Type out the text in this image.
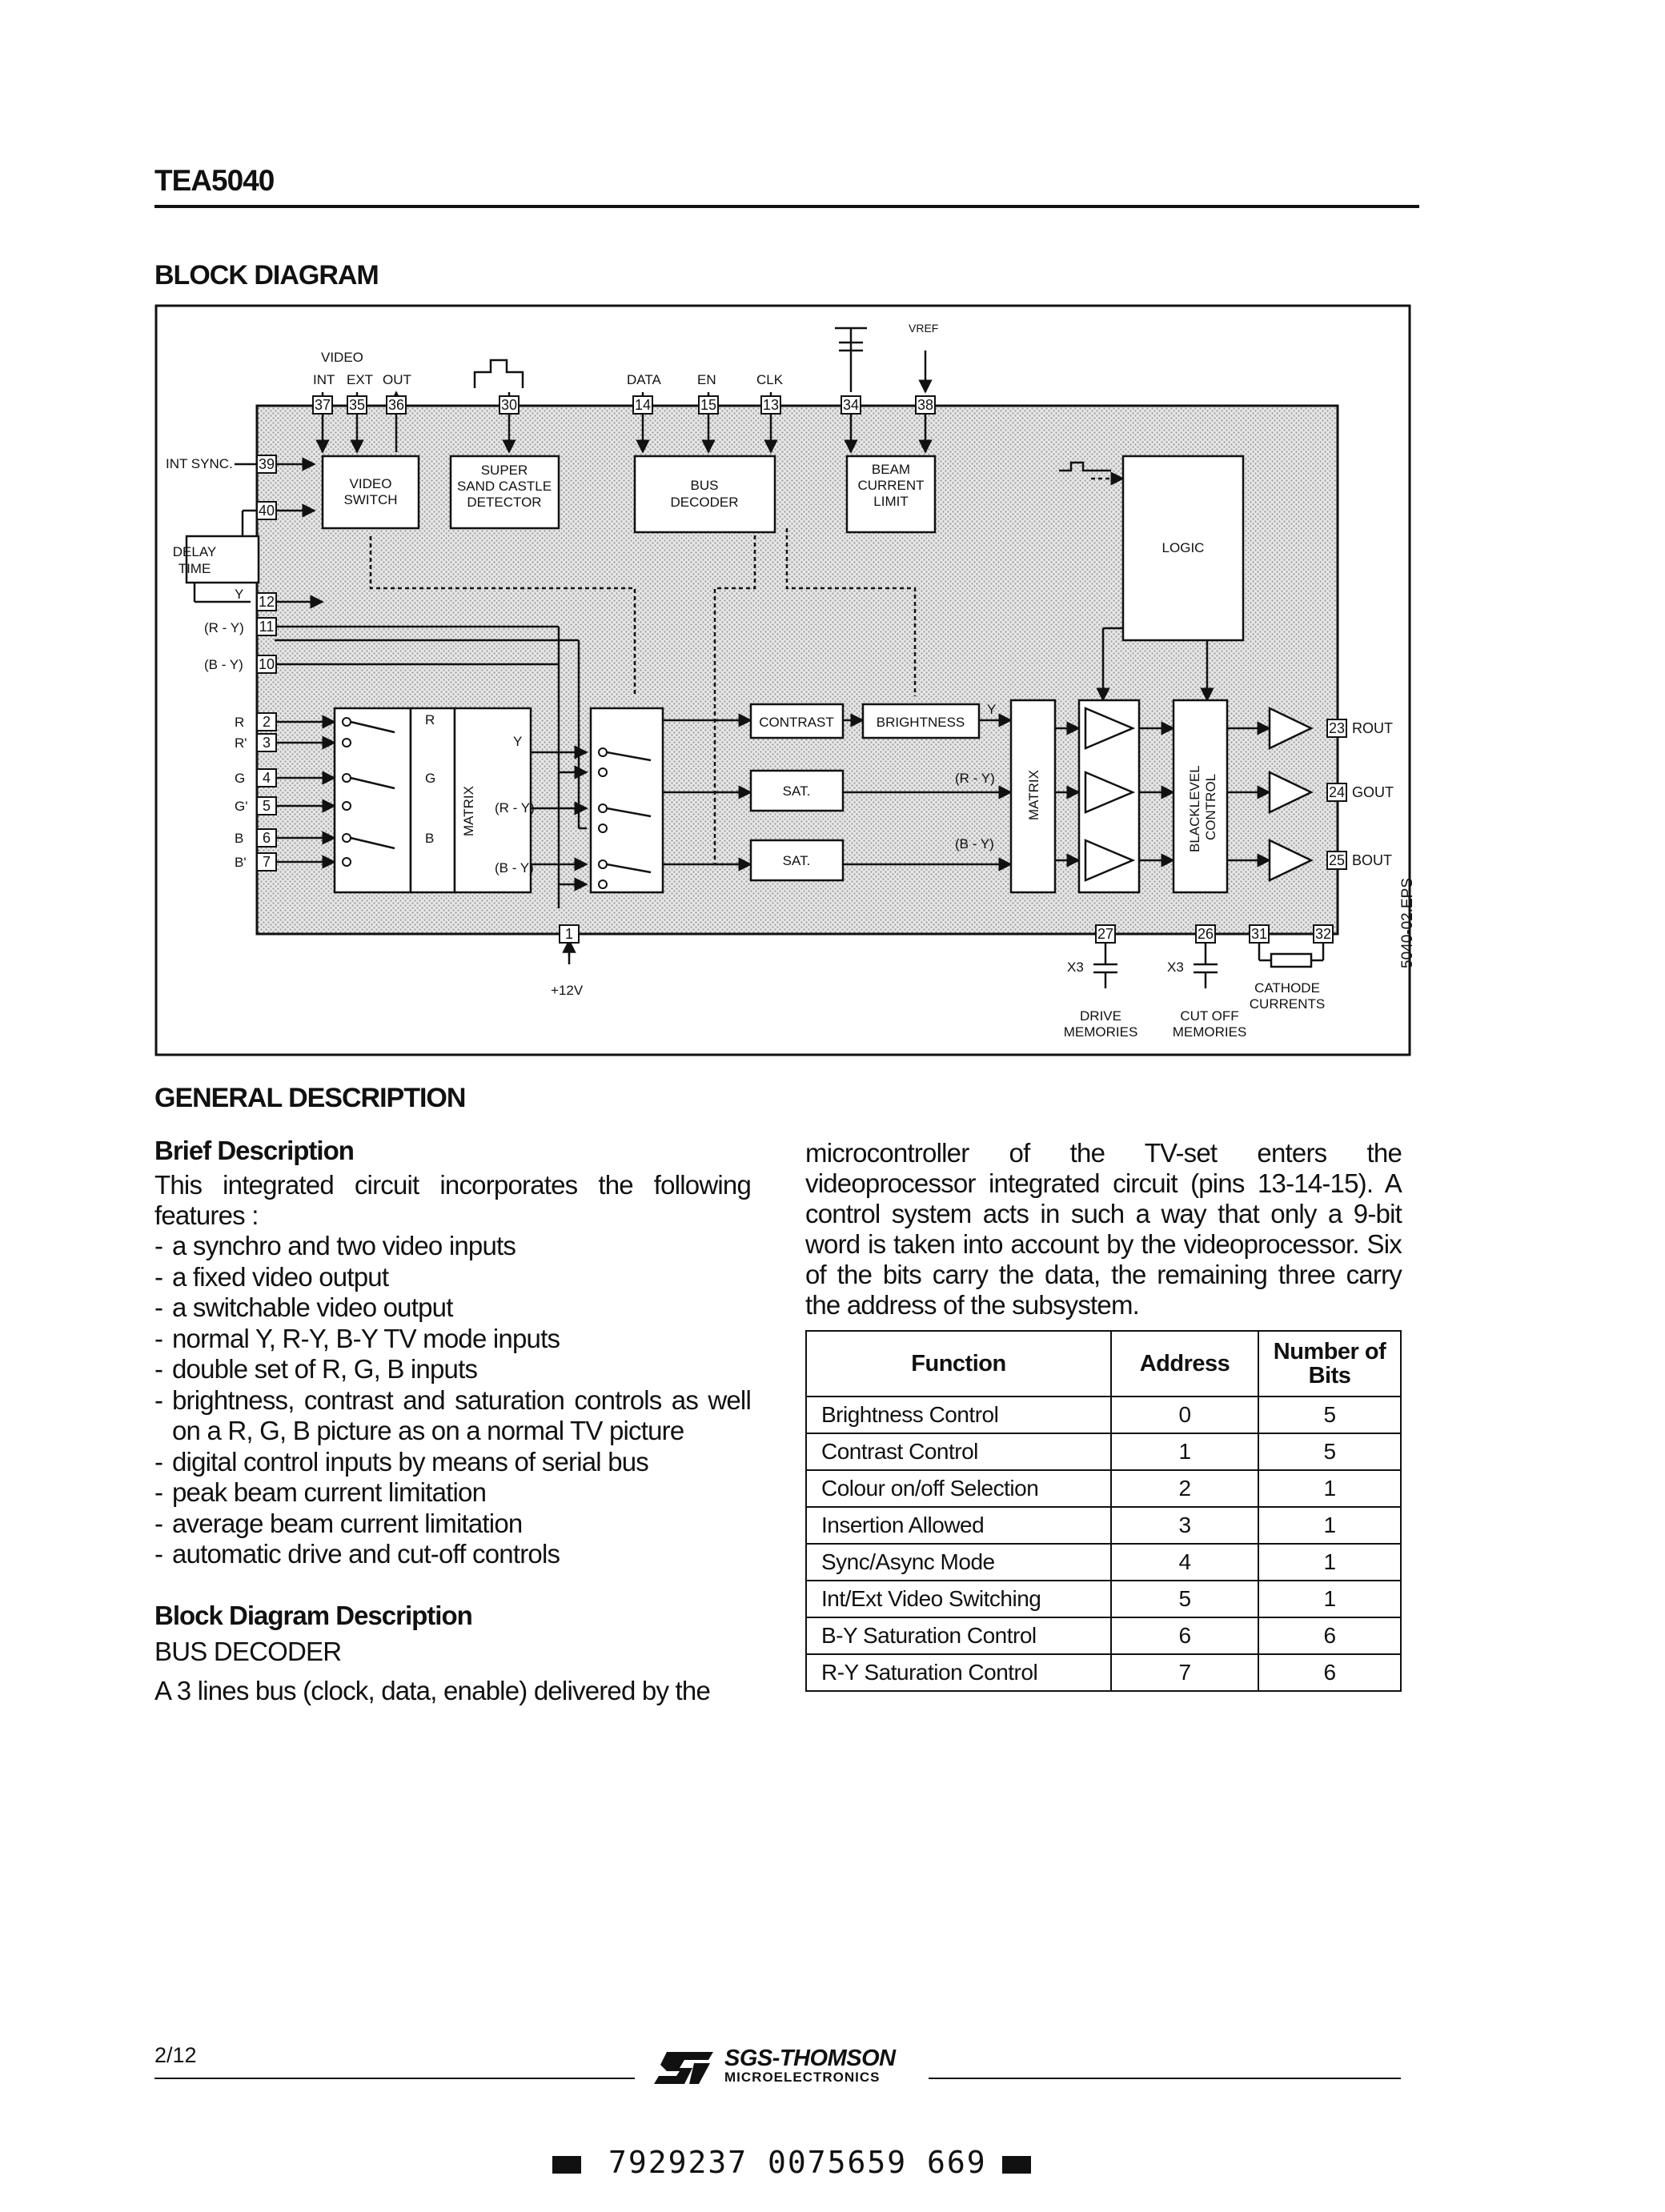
TEA5040
BLOCK DIAGRAM
37 35 36	30	14	15	13	34	38
39
40
12
11
10
2
3
4
5
6
7
1	27	26	31	32
23
24
25
VIDEO
INT EXT OUT	DATA	EN	CLK
VREF
INT SYNC.
DELAY
TIME
Y
(R - Y)
(B - Y)
R
R'
G
G'
B
B'
VIDEO
SWITCH
SUPER
SAND CASTLE
DETECTOR
BUS
DECODER
BEAM
CURRENT
LIMIT
LOGIC
CONTRAST	BRIGHTNESS
SAT.
SAT.
Y
(R - Y)
(B - Y)
R
G
B
Y
(R - Y)
(B - Y)
MATRIX	MATRIX	BLACKLEVEL CONTROL
ROUT
GOUT
BOUT
+12V
X3	X3
DRIVE
MEMORIES
CUT OFF
MEMORIES
CATHODE
CURRENTS
5040-02.EPS
GENERAL DESCRIPTION
Brief Description
This integrated circuit incorporates the following features :
- a synchro and two video inputs
- a fixed video output
- a switchable video output
- normal Y, R-Y, B-Y TV mode inputs
- double set of R, G, B inputs
- brightness, contrast and saturation controls as well on a R, G, B picture as on a normal TV picture
- digital control inputs by means of serial bus
- peak beam current limitation
- average beam current limitation
- automatic drive and cut-off controls
Block Diagram Description
BUS DECODER
A 3 lines bus (clock, data, enable) delivered by the
microcontroller of the TV-set enters the videoprocessor integrated circuit (pins 13-14-15). A control system acts in such a way that only a 9-bit word is taken into account by the videoprocessor. Six of the bits carry the data, the remaining three carry the address of the subsystem.
Function	Address	Number of Bits
Brightness Control	0	5
Contrast Control	1	5
Colour on/off Selection	2	1
Insertion Allowed	3	1
Sync/Async Mode	4	1
Int/Ext Video Switching	5	1
B-Y Saturation Control	6	6
R-Y Saturation Control	7	6
2/12	SGS-THOMSON
MICROELECTRONICS
7929237 0075659 669
